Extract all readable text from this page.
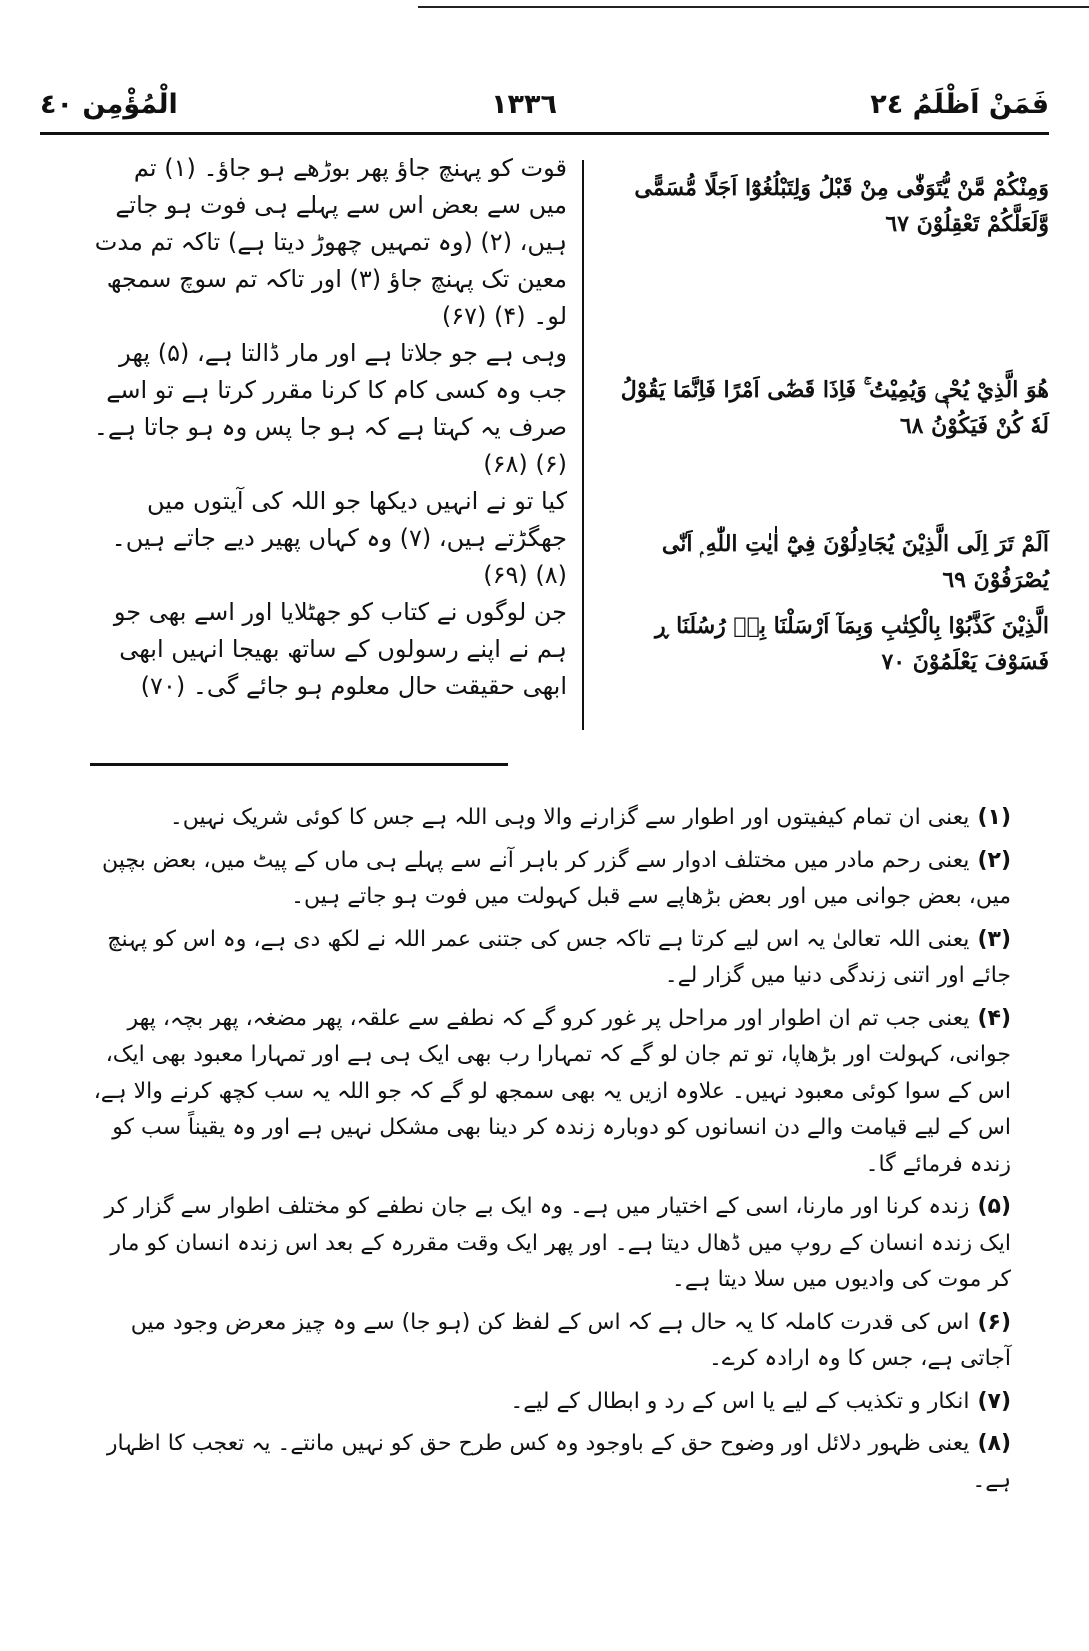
الْمُؤْمِن ٤٠	١٣٣٦	فَمَنْ اَظْلَمُ ٢٤

قوت کو پہنچ جاؤ پھر بوڑھے ہو جاؤ۔ (۱) تم میں سے بعض اس سے پہلے ہی فوت ہو جاتے ہیں، (۲) (وہ تمہیں چھوڑ دیتا ہے) تاکہ تم مدت معین تک پہنچ جاؤ (۳) اور تاکہ تم سوچ سمجھ لو۔ (۴) (۶۷)

وہی ہے جو جلاتا ہے اور مار ڈالتا ہے، (۵) پھر جب وہ کسی کام کا کرنا مقرر کرتا ہے تو اسے صرف یہ کہتا ہے کہ ہو جا پس وہ ہو جاتا ہے۔ (۶) (۶۸)

کیا تو نے انہیں دیکھا جو اللہ کی آیتوں میں جھگڑتے ہیں، (۷) وہ کہاں پھیر دیے جاتے ہیں۔ (۸) (۶۹)

جن لوگوں نے کتاب کو جھٹلایا اور اسے بھی جو ہم نے اپنے رسولوں کے ساتھ بھیجا انہیں ابھی ابھی حقیقت حال معلوم ہو جائے گی۔ (۷۰)

وَمِنْكُمْ مَّنْ يُّتَوَفّٰى مِنْ قَبْلُ وَلِتَبْلُغُوْٓا اَجَلًا مُّسَمًّى وَّلَعَلَّكُمْ تَعْقِلُوْنَ ٦٧
هُوَ الَّذِيْ يُحْيٖ وَيُمِيْتُ ۚ فَاِذَا قَضٰٓى اَمْرًا فَاِنَّمَا يَقُوْلُ لَهٗ كُنْ فَيَكُوْنُ ٦٨
اَلَمْ تَرَ اِلَى الَّذِيْنَ يُجَادِلُوْنَ فِيْٓ اٰيٰتِ اللّٰهِ ۭ اَنّٰى يُصْرَفُوْنَ ٦٩
الَّذِيْنَ كَذَّبُوْا بِالْكِتٰبِ وَبِمَآ اَرْسَلْنَا بِهٖ رُسُلَنَا ڕ فَسَوْفَ يَعْلَمُوْنَ ٧٠

(۱)یعنی ان تمام کیفیتوں اور اطوار سے گزارنے والا وہی اللہ ہے جس کا کوئی شریک نہیں۔

(۲)یعنی رحم مادر میں مختلف ادوار سے گزر کر باہر آنے سے پہلے ہی ماں کے پیٹ میں، بعض بچپن میں، بعض جوانی میں اور بعض بڑھاپے سے قبل کہولت میں فوت ہو جاتے ہیں۔

(۳)یعنی اللہ تعالیٰ یہ اس لیے کرتا ہے تاکہ جس کی جتنی عمر اللہ نے لکھ دی ہے، وہ اس کو پہنچ جائے اور اتنی زندگی دنیا میں گزار لے۔

(۴)یعنی جب تم ان اطوار اور مراحل پر غور کرو گے کہ نطفے سے علقہ، پھر مضغہ، پھر بچہ، پھر جوانی، کہولت اور بڑھاپا، تو تم جان لو گے کہ تمہارا رب بھی ایک ہی ہے اور تمہارا معبود بھی ایک، اس کے سوا کوئی معبود نہیں۔ علاوہ ازیں یہ بھی سمجھ لو گے کہ جو اللہ یہ سب کچھ کرنے والا ہے، اس کے لیے قیامت والے دن انسانوں کو دوبارہ زندہ کر دینا بھی مشکل نہیں ہے اور وہ یقیناً سب کو زندہ فرمائے گا۔

(۵)زندہ کرنا اور مارنا، اسی کے اختیار میں ہے۔ وہ ایک بے جان نطفے کو مختلف اطوار سے گزار کر ایک زندہ انسان کے روپ میں ڈھال دیتا ہے۔ اور پھر ایک وقت مقررہ کے بعد اس زندہ انسان کو مار کر موت کی وادیوں میں سلا دیتا ہے۔

(۶)اس کی قدرت کاملہ کا یہ حال ہے کہ اس کے لفظ کن (ہو جا) سے وہ چیز معرض وجود میں آجاتی ہے، جس کا وہ ارادہ کرے۔

(۷)انکار و تکذیب کے لیے یا اس کے رد و ابطال کے لیے۔

(۸)یعنی ظہور دلائل اور وضوح حق کے باوجود وہ کس طرح حق کو نہیں مانتے۔ یہ تعجب کا اظہار ہے۔
